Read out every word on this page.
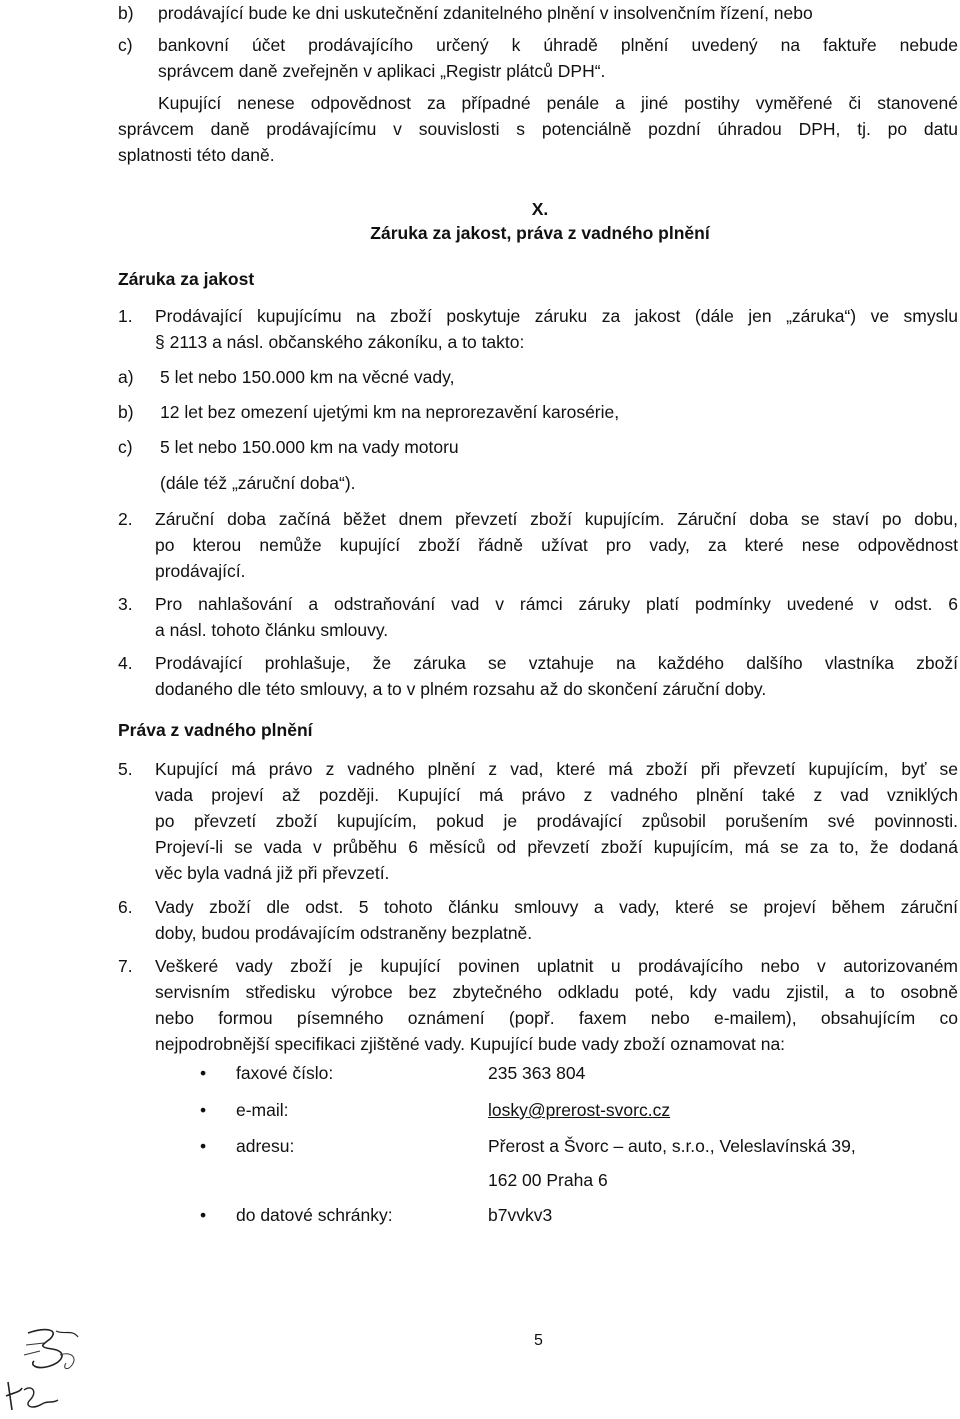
b) prodávající bude ke dni uskutečnění zdanitelného plnění v insolvenčním řízení, nebo
c) bankovní účet prodávajícího určený k úhradě plnění uvedený na faktuře nebude
správcem daně zveřejněn v aplikaci „Registr plátců DPH“.
Kupující nenese odpovědnost za případné penále a jiné postihy vyměřené či stanovené
správcem daně prodávajícímu v souvislosti s potenciálně pozdní úhradou DPH, tj. po datu
splatnosti této daně.
X.
Záruka za jakost, práva z vadného plnění
Záruka za jakost
1. Prodávající kupujícímu na zboží poskytuje záruku za jakost (dále jen „záruka“) ve smyslu
§ 2113 a násl. občanského zákoníku, a to takto:
a) 5 let nebo 150.000 km na věcné vady,
b) 12 let bez omezení ujetými km na neprorezavění karosérie,
c) 5 let nebo 150.000 km na vady motoru
(dále též „záruční doba“).
2. Záruční doba začíná běžet dnem převzetí zboží kupujícím. Záruční doba se staví po dobu,
po kterou nemůže kupující zboží řádně užívat pro vady, za které nese odpovědnost
prodávající.
3. Pro nahlašování a odstraňování vad v rámci záruky platí podmínky uvedené v odst. 6
a násl. tohoto článku smlouvy.
4. Prodávající prohlašuje, že záruka se vztahuje na každého dalšího vlastníka zboží
dodaného dle této smlouvy, a to v plném rozsahu až do skončení záruční doby.
Práva z vadného plnění
5. Kupující má právo z vadného plnění z vad, které má zboží při převzetí kupujícím, byť se
vada projeví až později. Kupující má právo z vadného plnění také z vad vzniklých
po převzetí zboží kupujícím, pokud je prodávající způsobil porušením své povinnosti.
Projeví-li se vada v průběhu 6 měsíců od převzetí zboží kupujícím, má se za to, že dodaná
věc byla vadná již při převzetí.
6. Vady zboží dle odst. 5 tohoto článku smlouvy a vady, které se projeví během záruční
doby, budou prodávajícím odstraněny bezplatně.
7. Veškeré vady zboží je kupující povinen uplatnit u prodávajícího nebo v autorizovaném
servisním středisku výrobce bez zbytečného odkladu poté, kdy vadu zjistil, a to osobně
nebo formou písemného oznámení (popř. faxem nebo e-mailem), obsahujícím co
nejpodrobnější specifikaci zjištěné vady. Kupující bude vady zboží oznamovat na:
• faxové číslo:	235 363 804
• e-mail:	losky@prerost-svorc.cz
• adresu:	Přerost a Švorc – auto, s.r.o., Veleslavínská 39,
162 00 Praha 6
• do datové schránky:	b7vvkv3
5
